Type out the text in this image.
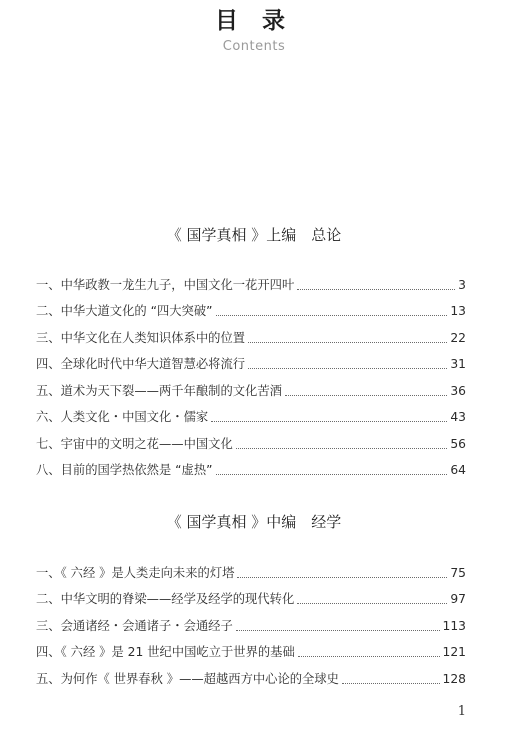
目 录
Contents
《 国学真相 》上编　总论
一、中华政教一龙生九子，中国文化一花开四叶	3
二、中华大道文化的 “四大突破”	13
三、中华文化在人类知识体系中的位置	22
四、全球化时代中华大道智慧必将流行	31
五、道术为天下裂——两千年酿制的文化苦酒	36
六、人类文化・中国文化・儒家	43
七、宇宙中的文明之花——中国文化	56
八、目前的国学热依然是 “虚热”	64
《 国学真相 》中编　经学
一、《 六经 》是人类走向未来的灯塔	75
二、中华文明的脊梁——经学及经学的现代转化	97
三、会通诸经・会通诸子・会通经子	113
四、《 六经 》是 21 世纪中国屹立于世界的基础	121
五、为何作《 世界春秋 》——超越西方中心论的全球史	128
1
